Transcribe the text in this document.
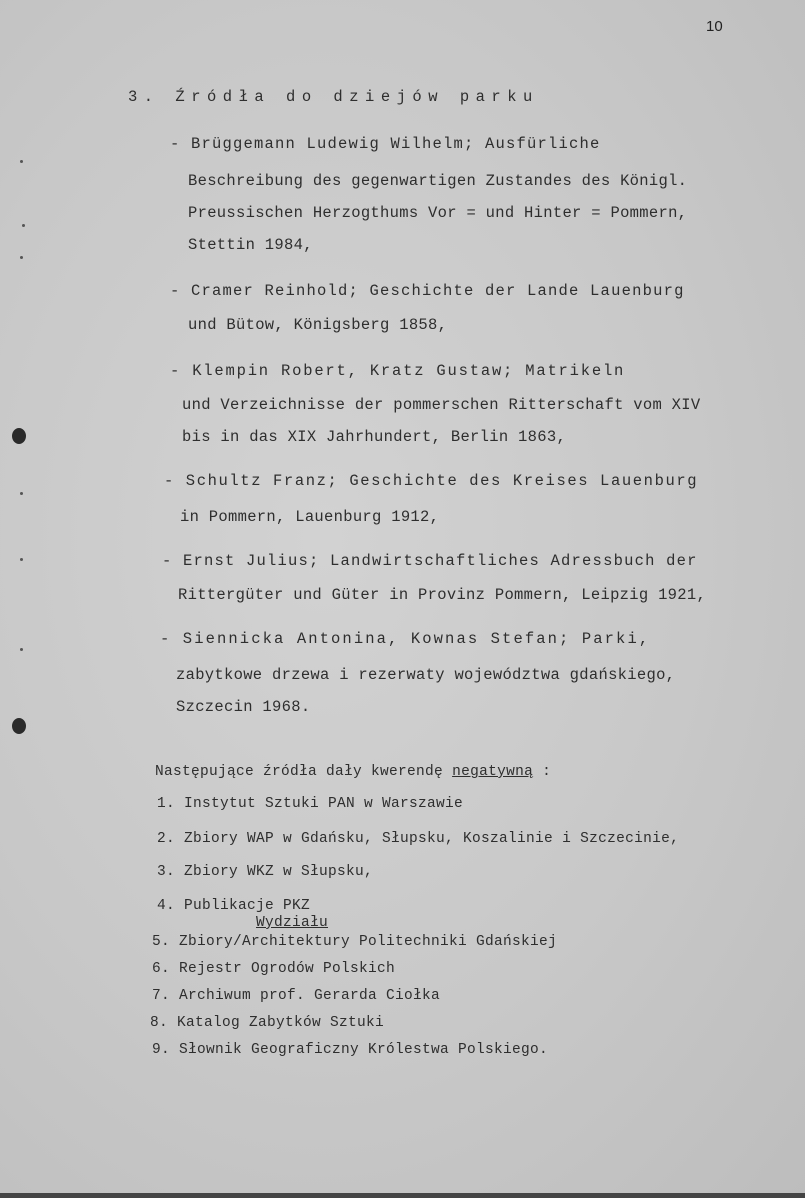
10
3. Źródła do dziejów parku
- Brüggemann Ludewig Wilhelm; Ausfürliche
Beschreibung des gegenwartigen Zustandes des Königl.
Preussischen Herzogthums Vor = und Hinter = Pommern,
Stettin 1984,
- Cramer Reinhold; Geschichte der Lande Lauenburg
und Bütow, Königsberg 1858,
- Klempin Robert, Kratz Gustaw; Matrikeln
und Verzeichnisse der pommerschen Ritterschaft vom XIV
bis in das XIX Jahrhundert, Berlin 1863,
- Schultz Franz; Geschichte des Kreises Lauenburg
in Pommern, Lauenburg 1912,
- Ernst Julius; Landwirtschaftliches Adressbuch der
Rittergüter und Güter in Provinz Pommern, Leipzig 1921,
- Siennicka Antonina, Kownas Stefan; Parki,
zabytkowe drzewa i rezerwaty województwa gdańskiego,
Szczecin 1968.
Następujące źródła dały kwerendę negatywną :
1. Instytut Sztuki PAN w Warszawie
2. Zbiory WAP w Gdańsku, Słupsku, Koszalinie i Szczecinie,
3. Zbiory WKZ w Słupsku,
4. Publikacje PKZ
Wydziału
5. Zbiory/Architektury Politechniki Gdańskiej
6. Rejestr Ogrodów Polskich
7. Archiwum prof. Gerarda Ciołka
8. Katalog Zabytków Sztuki
9. Słownik Geograficzny Królestwa Polskiego.
